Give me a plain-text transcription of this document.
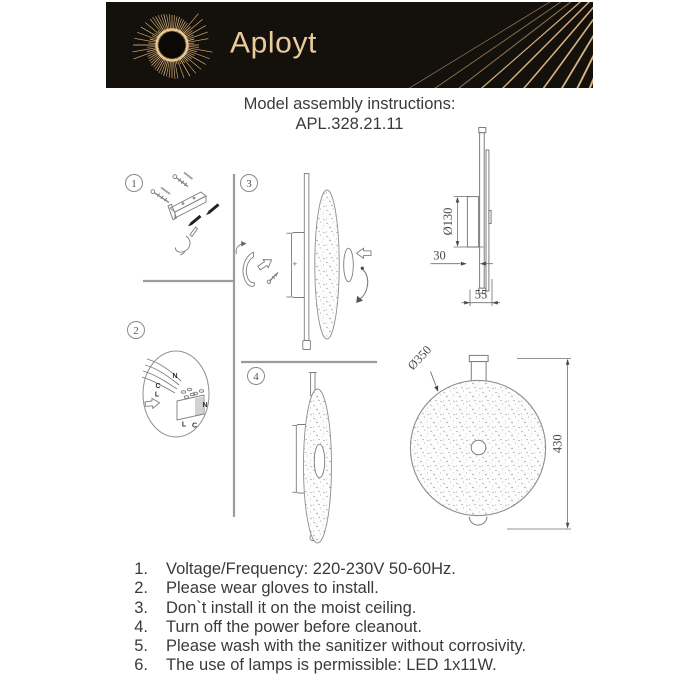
Aployt
Model assembly instructions:
APL.328.21.11
1
2
N
C
L
L C
N
3
4
Ø130
30
55
430
Ø350
1. Voltage/Frequency: 220-230V 50-60Hz.
2. Please wear gloves to install.
3. Don`t install it on the moist ceiling.
4. Turn off the power before cleanout.
5. Please wash with the sanitizer without corrosivity.
6. The use of lamps is permissible: LED 1x11W.
